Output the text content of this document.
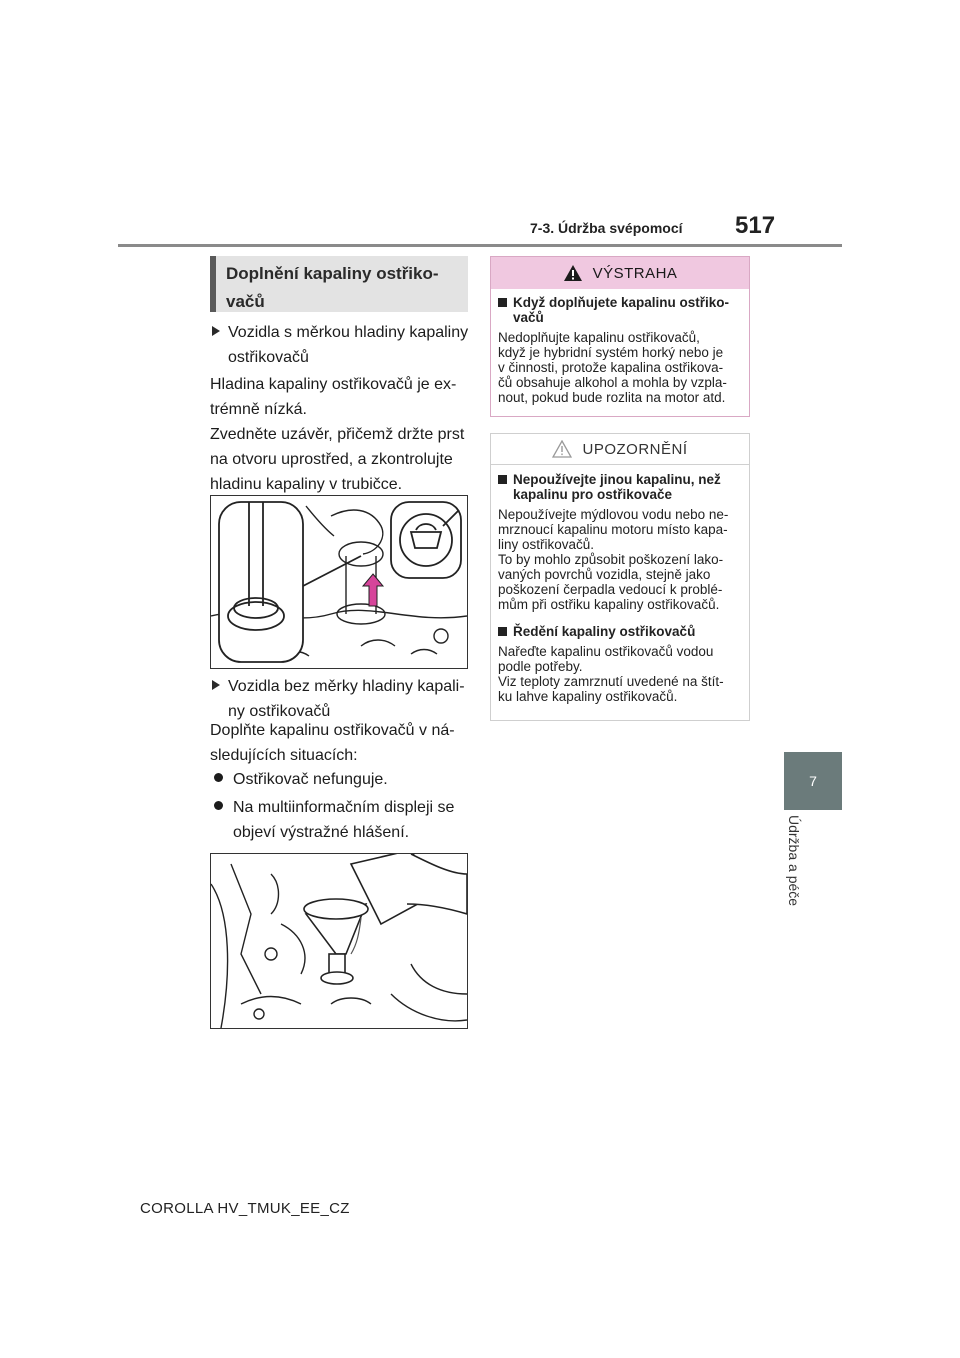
7-3. Údržba svépomocí 517
7
Údržba a péče
Doplnění kapaliny ostřiko-
vačů
Vozidla s měrkou hladiny kapaliny
ostřikovačů
Hladina kapaliny ostřikovačů je ex-
trémně nízká.
Zvedněte uzávěr, přičemž držte prst
na otvoru uprostřed, a zkontrolujte
hladinu kapaliny v trubičce.
Vozidla bez měrky hladiny kapali-
ny ostřikovačů
Doplňte kapalinu ostřikovačů v ná-
sledujících situacích:
Ostřikovač nefunguje.
Na multiinformačním displeji se
objeví výstražné hlášení.
VÝSTRAHA
Když doplňujete kapalinu ostřiko-
vačů

Nedoplňujte kapalinu ostřikovačů,
když je hybridní systém horký nebo je
v činnosti, protože kapalina ostřikova-
čů obsahuje alkohol a mohla by vzpla-
nout, pokud bude rozlita na motor atd.

UPOZORNĚNÍ
Nepoužívejte jinou kapalinu, než
kapalinu pro ostřikovače

Nepoužívejte mýdlovou vodu nebo ne-
mrznoucí kapalinu motoru místo kapa-
liny ostřikovačů.
To by mohlo způsobit poškození lako-
vaných povrchů vozidla, stejně jako
poškození čerpadla vedoucí k problé-
mům při ostřiku kapaliny ostřikovačů.

Ředění kapaliny ostřikovačů

Nařeďte kapalinu ostřikovačů vodou
podle potřeby.
Viz teploty zamrznutí uvedené na štít-
ku lahve kapaliny ostřikovačů.

COROLLA HV_TMUK_EE_CZ
